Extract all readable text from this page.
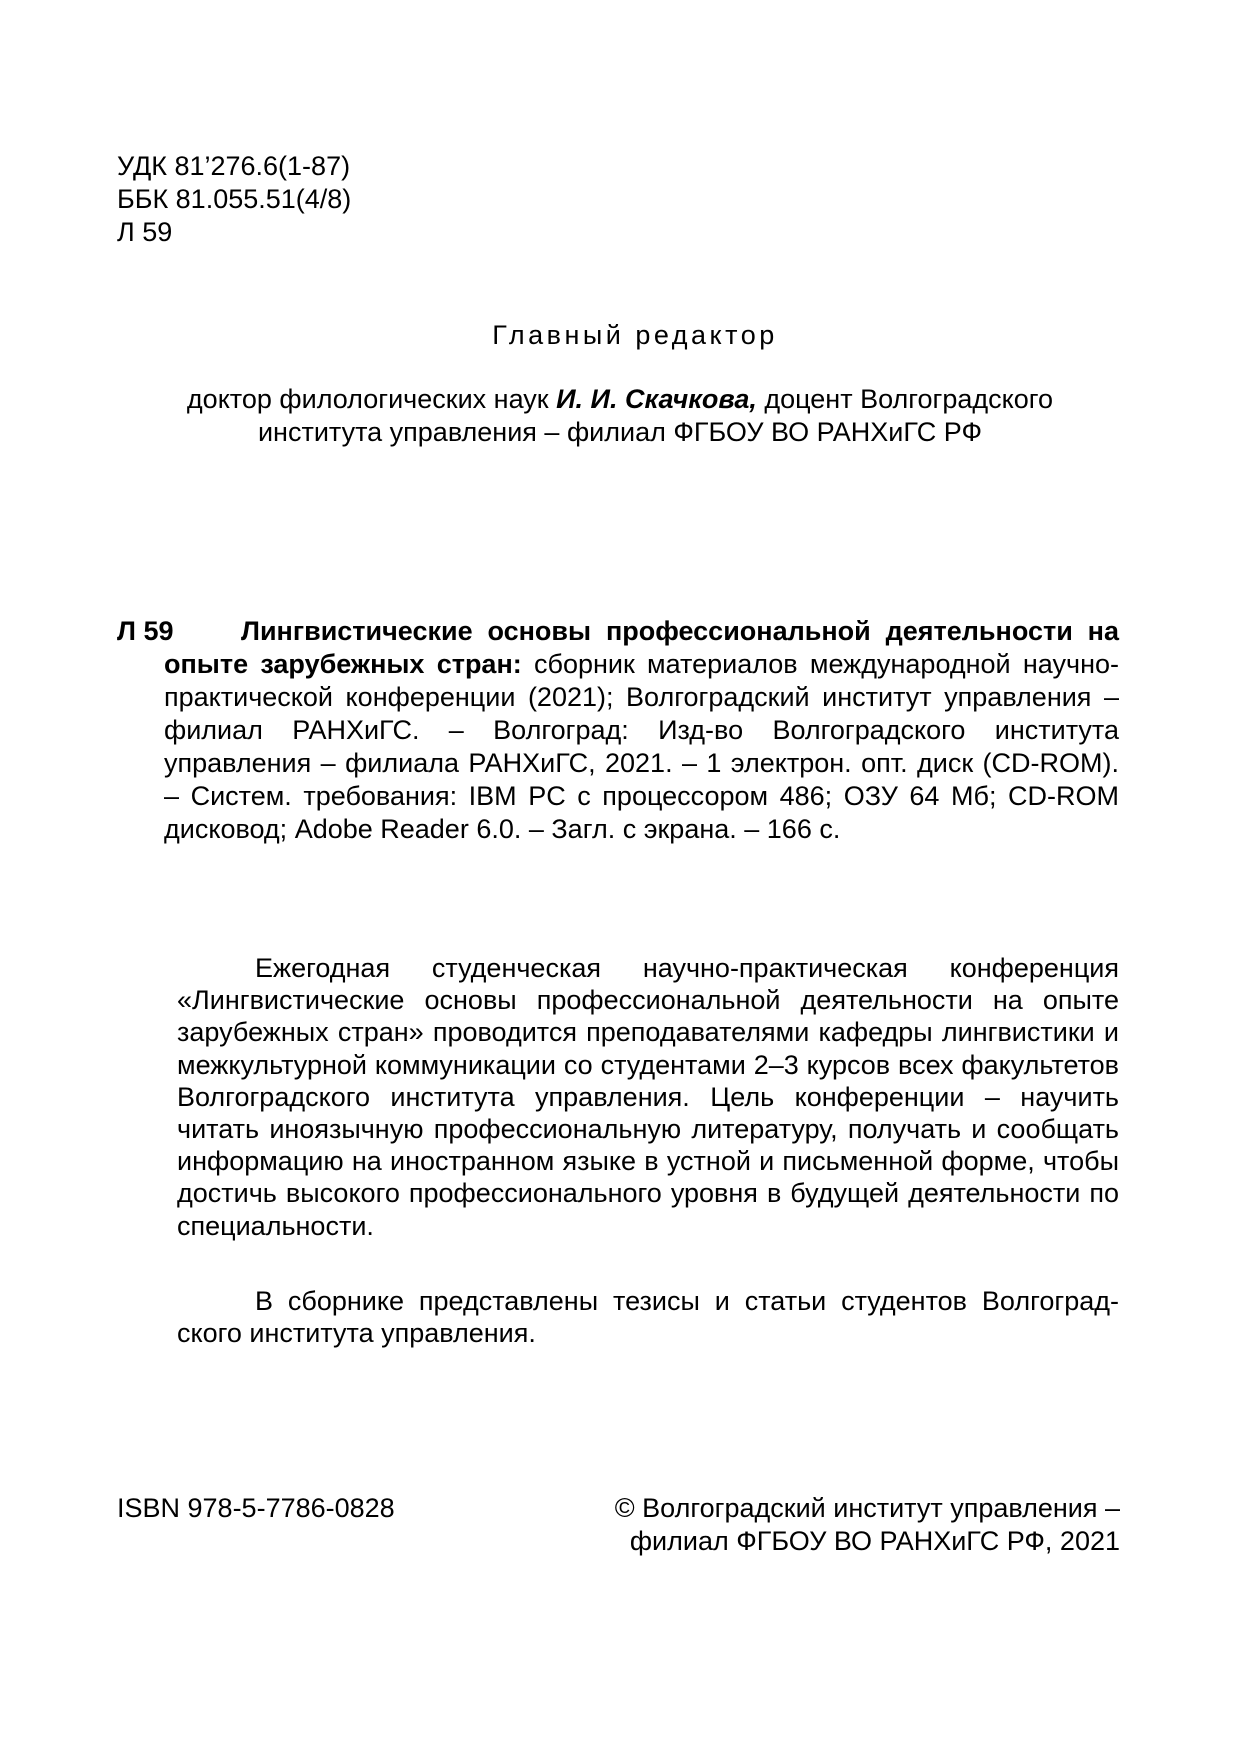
УДК 81’276.6(1-87)
ББК 81.055.51(4/8)
Л 59
Главный редактор
доктор филологических наук И. И. Скачкова, доцент Волгоградского института управления – филиал ФГБОУ ВО РАНХиГС РФ
Л 59	Лингвистические основы профессиональной деятельности на опыте зарубежных стран: сборник материалов международной научно-практической конференции (2021); Волгоградский институт управления – филиал РАНХиГС. – Волгоград: Изд-во Волгоградского института управления – филиала РАНХиГС, 2021. – 1 электрон. опт. диск (CD-ROM). – Систем. требования: IBM PC с процессором 486; ОЗУ 64 Мб; CD-ROM дисковод; Adobe Reader 6.0. – Загл. с экрана. – 166 с.
Ежегодная студенческая научно-практическая конференция «Лингвистические основы профессиональной деятельности на опыте зарубежных стран» проводится преподавателями кафедры лингвистики и межкультурной коммуникации со студентами 2–3 курсов всех факультетов Волгоградского института управления. Цель конференции – научить читать иноязычную профессиональную литературу, получать и сообщать информацию на иностранном языке в устной и письменной форме, чтобы достичь высокого профессионального уровня в будущей деятельности по специальности.
В сборнике представлены тезисы и статьи студентов Волгоградского института управления.
ISBN 978-5-7786-0828	© Волгоградский институт управления –
филиал ФГБОУ ВО РАНХиГС РФ, 2021
